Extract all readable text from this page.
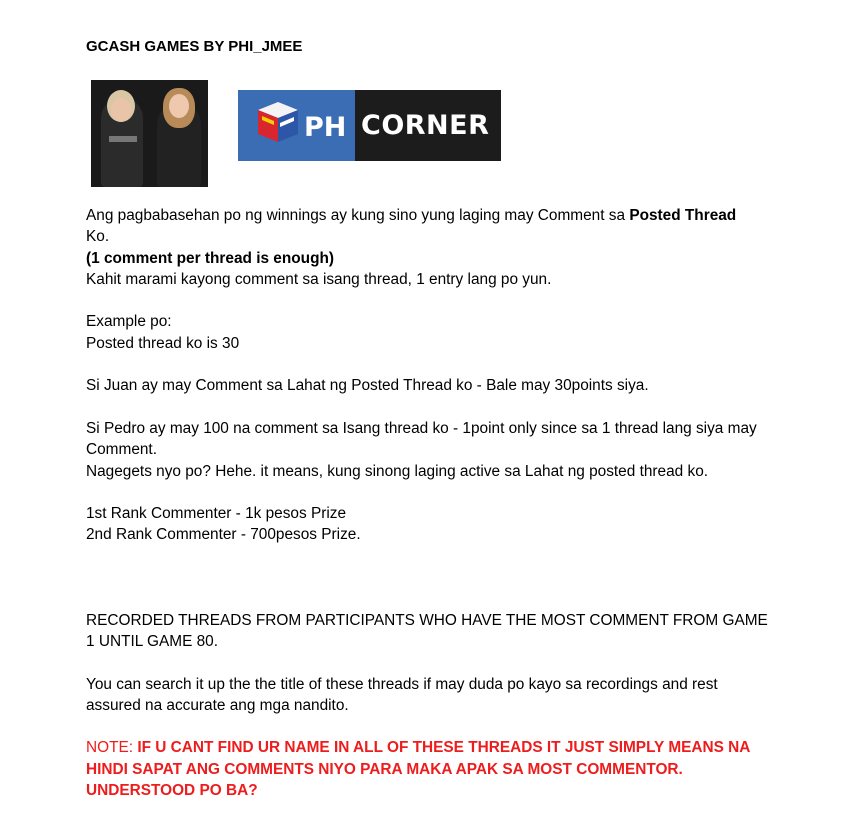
GCASH GAMES BY PHI_JMEE

PH CORNER

Ang pagbabasehan po ng winnings ay kung sino yung laging may Comment sa Posted Thread
Ko.

(1 comment per thread is enough)

Kahit marami kayong comment sa isang thread, 1 entry lang po yun.

Example po:

Posted thread ko is 30

Si Juan ay may Comment sa Lahat ng Posted Thread ko - Bale may 30points siya.

Si Pedro ay may 100 na comment sa Isang thread ko - 1point only since sa 1 thread lang siya may Comment.

Nagegets nyo po? Hehe. it means, kung sinong laging active sa Lahat ng posted thread ko.

1st Rank Commenter - 1k pesos Prize

2nd Rank Commenter - 700pesos Prize.

RECORDED THREADS FROM PARTICIPANTS WHO HAVE THE MOST COMMENT FROM GAME 1 UNTIL GAME 80.

You can search it up the the title of these threads if may duda po kayo sa recordings and rest assured na accurate ang mga nandito.

NOTE: IF U CANT FIND UR NAME IN ALL OF THESE THREADS IT JUST SIMPLY MEANS NA HINDI SAPAT ANG COMMENTS NIYO PARA MAKA APAK SA MOST COMMENTOR. UNDERSTOOD PO BA?
